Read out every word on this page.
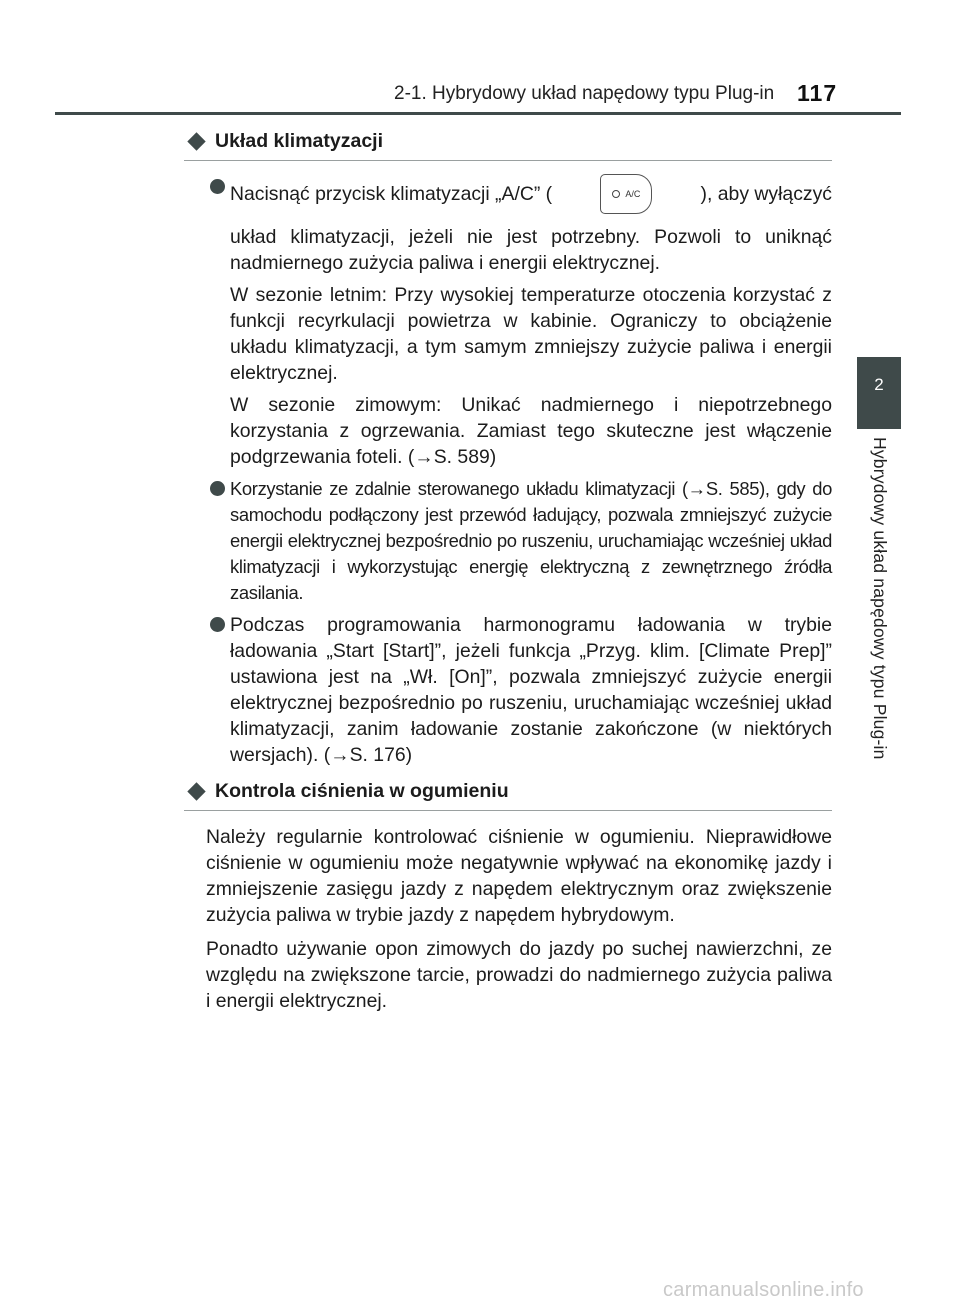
2-1. Hybrydowy układ napędowy typu Plug-in 117
2
Hybrydowy układ napędowy typu Plug-in
Układ klimatyzacji
Nacisnąć przycisk klimatyzacji „A/C” (	A/C	), aby wyłączyć

układ klimatyzacji, jeżeli nie jest potrzebny. Pozwoli to uniknąć nadmiernego zużycia paliwa i energii elektrycznej.

W sezonie letnim: Przy wysokiej temperaturze otoczenia korzystać z funkcji recyrkulacji powietrza w kabinie. Ograniczy to obciążenie układu klimatyzacji, a tym samym zmniejszy zużycie paliwa i energii elektrycznej.

W sezonie zimowym: Unikać nadmiernego i niepotrzebnego korzystania z ogrzewania. Zamiast tego skuteczne jest włączenie podgrzewania foteli. (→S. 589)

Korzystanie ze zdalnie sterowanego układu klimatyzacji (→S. 585), gdy do samochodu podłączony jest przewód ładujący, pozwala zmniejszyć zużycie energii elektrycznej bezpośrednio po ruszeniu, uruchamiając wcześniej układ klimatyzacji i wykorzystując energię elektryczną z zewnętrznego źródła zasilania.

Podczas programowania harmonogramu ładowania w trybie ładowania „Start [Start]”, jeżeli funkcja „Przyg. klim. [Climate Prep]” ustawiona jest na „Wł. [On]”, pozwala zmniejszyć zużycie energii elektrycznej bezpośrednio po ruszeniu, uruchamiając wcześniej układ klimatyzacji, zanim ładowanie zostanie zakończone (w niektórych wersjach). (→S. 176)

Kontrola ciśnienia w ogumieniu

Należy regularnie kontrolować ciśnienie w ogumieniu. Nieprawidłowe ciśnienie w ogumieniu może negatywnie wpływać na ekonomikę jazdy i zmniejszenie zasięgu jazdy z napędem elektrycznym oraz zwiększenie zużycia paliwa w trybie jazdy z napędem hybrydowym.

Ponadto używanie opon zimowych do jazdy po suchej nawierzchni, ze względu na zwiększone tarcie, prowadzi do nadmiernego zużycia paliwa i energii elektrycznej.

carmanualsonline.info
